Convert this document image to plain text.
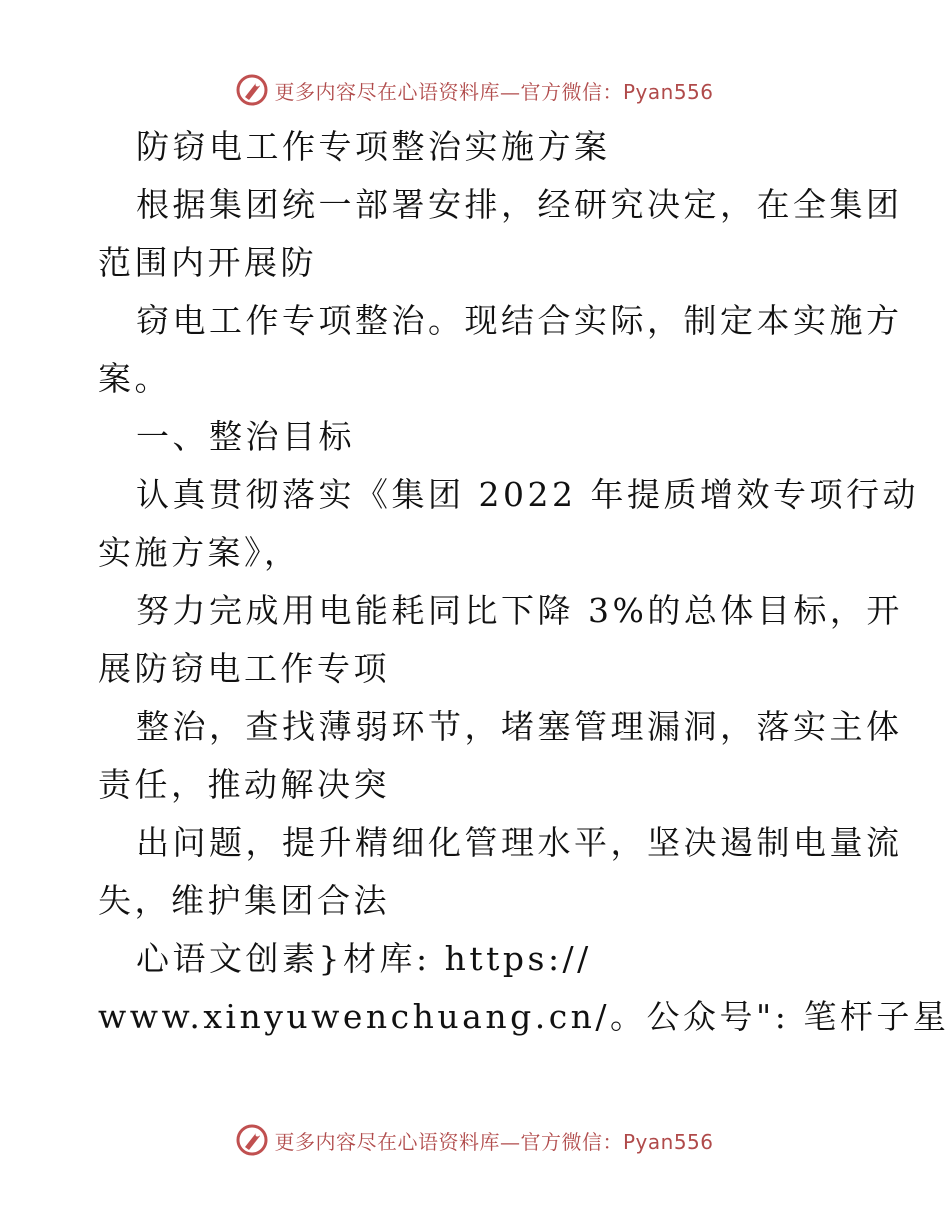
更多内容尽在心语资料库—官方微信：Pyan556

防窃电工作专项整治实施方案

根据集团统一部署安排，经研究决定，在全集团

范围内开展防

窃电工作专项整治。现结合实际，制定本实施方

案。

一、整治目标

认真贯彻落实《集团 2022 年提质增效专项行动

实施方案》，

努力完成用电能耗同比下降 3%的总体目标，开

展防窃电工作专项

整治，查找薄弱环节，堵塞管理漏洞，落实主体

责任，推动解决突

出问题，提升精细化管理水平，坚决遏制电量流

失，维护集团合法

心语文创素}材库: https://

www.xinyuwenchuang.cn/。公众号": 笔杆子星

更多内容尽在心语资料库—官方微信：Pyan556
